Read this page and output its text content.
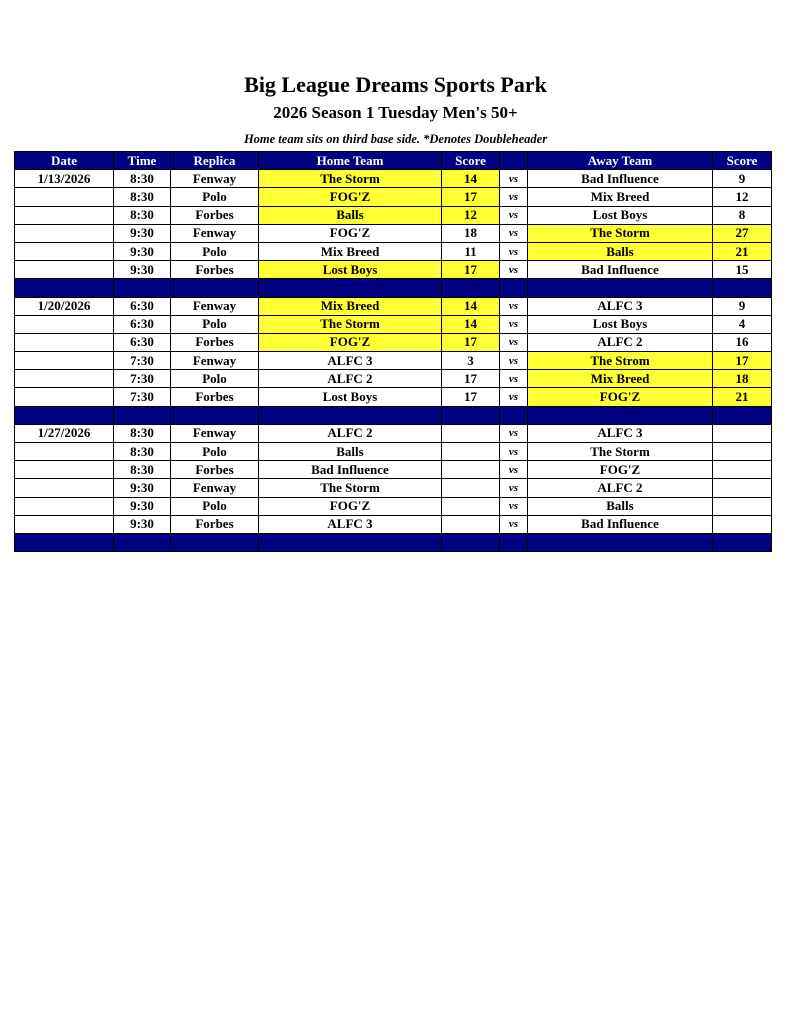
Big League Dreams Sports Park
2026 Season 1 Tuesday Men's 50+
Home team sits on third base side. *Denotes Doubleheader
Date	Time	Replica	Home Team	Score		Away Team	Score
1/13/2026	8:30	Fenway	The Storm	14	vs	Bad Influence	9
	8:30	Polo	FOG'Z	17	vs	Mix Breed	12
	8:30	Forbes	Balls	12	vs	Lost Boys	8
	9:30	Fenway	FOG'Z	18	vs	The Storm	27
	9:30	Polo	Mix Breed	11	vs	Balls	21
	9:30	Forbes	Lost Boys	17	vs	Bad Influence	15

1/20/2026	6:30	Fenway	Mix Breed	14	vs	ALFC 3	9
	6:30	Polo	The Storm	14	vs	Lost Boys	4
	6:30	Forbes	FOG'Z	17	vs	ALFC 2	16
	7:30	Fenway	ALFC 3	3	vs	The Strom	17
	7:30	Polo	ALFC 2	17	vs	Mix Breed	18
	7:30	Forbes	Lost Boys	17	vs	FOG'Z	21

1/27/2026	8:30	Fenway	ALFC 2		vs	ALFC 3	
	8:30	Polo	Balls		vs	The Storm	
	8:30	Forbes	Bad Influence		vs	FOG'Z	
	9:30	Fenway	The Storm		vs	ALFC 2	
	9:30	Polo	FOG'Z		vs	Balls	
	9:30	Forbes	ALFC 3		vs	Bad Influence	
